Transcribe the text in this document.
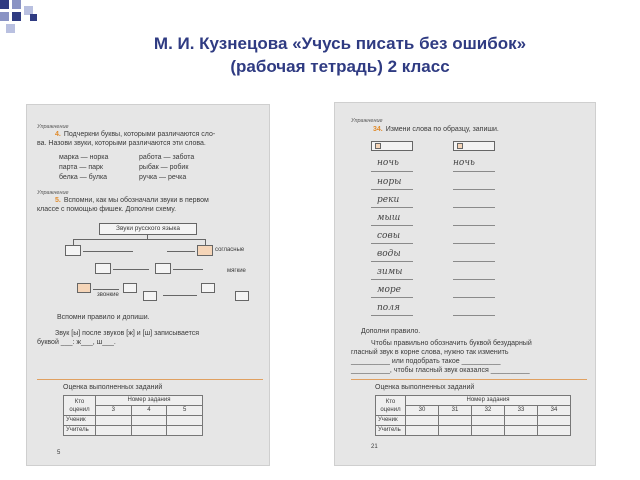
М. И. Кузнецова «Учусь писать без ошибок»
(рабочая тетрадь) 2 класс
Упражнение
4. Подчеркни буквы, которыми различаются сло-
ва. Назови звуки, которыми различаются эти слова.
марка — норка	работа — забота
парта — парк	рыбак — робик
белка — булка	ручка — речка
Упражнение
5. Вспомни, как мы обозначали звуки в первом
классе с помощью фишек. Дополни схему.
Звуки русского языка
согласные
мягкие
звонкие
Вспомни правило и допиши.
Звук [ы] после звуков [ж] и [ш] записывается
буквой ___: ж___, ш___.
Оценка выполненных заданий
Кто
оценил	Номер задания		
	3	4	5
Ученик			
Учитель			
5
Упражнение
34. Измени слова по образцу, запиши.
ночь	ночь
норы
реки
мыш
совы
воды
зимы
море
поля
Дополни правило.
Чтобы правильно обозначить буквой безударный
гласный звук в корне слова, нужно так изменить
__________ или подобрать такое __________
__________, чтобы гласный звук оказался __________
Оценка выполненных заданий
Кто
оценил	Номер задания				
	30	31	32	33	34
Ученик					
Учитель					
21
